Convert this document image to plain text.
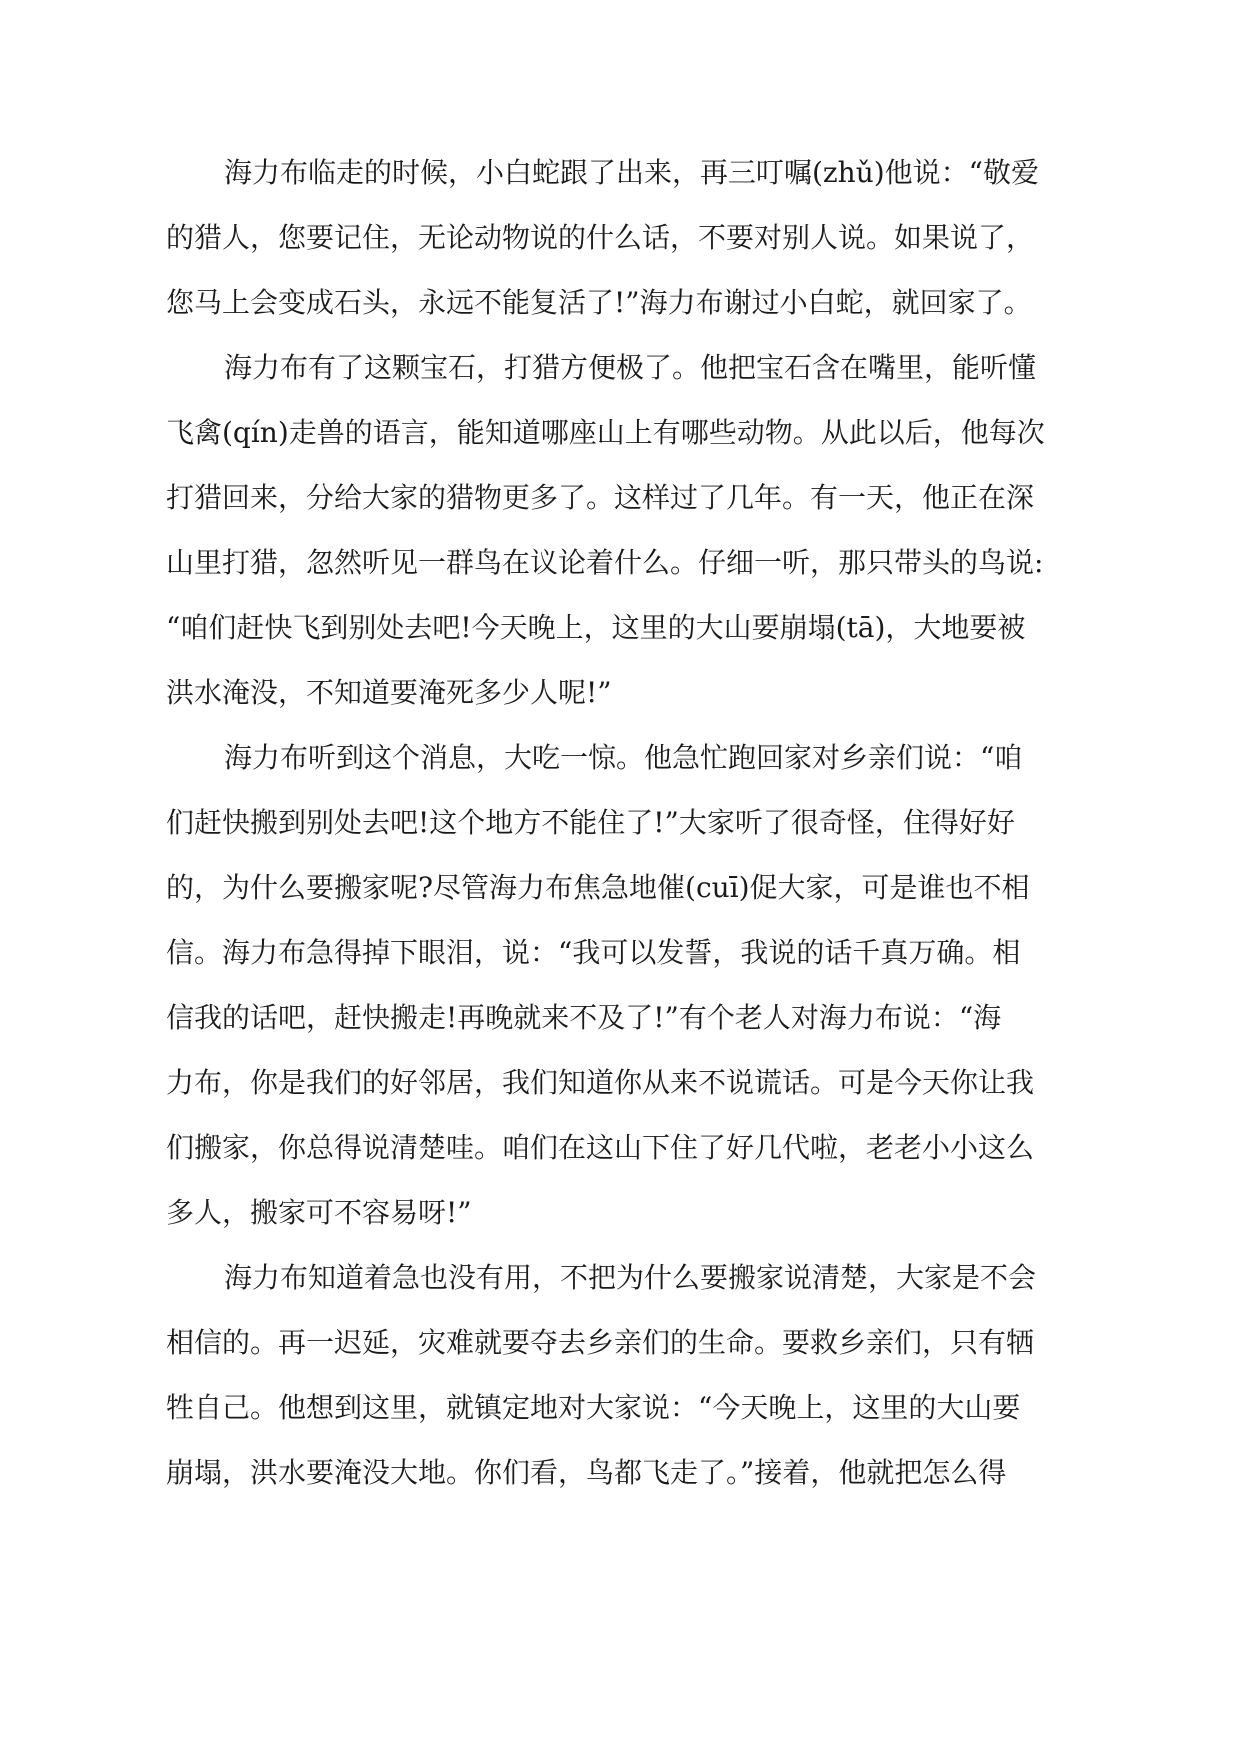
海力布临走的时候，小白蛇跟了出来，再三叮嘱(zhǔ)他说：“敬爱
的猎人，您要记住，无论动物说的什么话，不要对别人说。如果说了，
您马上会变成石头，永远不能复活了!”海力布谢过小白蛇，就回家了。
海力布有了这颗宝石，打猎方便极了。他把宝石含在嘴里，能听懂
飞禽(qín)走兽的语言，能知道哪座山上有哪些动物。从此以后，他每次
打猎回来，分给大家的猎物更多了。这样过了几年。有一天，他正在深
山里打猎，忽然听见一群鸟在议论着什么。仔细一听，那只带头的鸟说:
“咱们赶快飞到别处去吧!今天晚上，这里的大山要崩塌(tā)，大地要被
洪水淹没，不知道要淹死多少人呢!”
海力布听到这个消息，大吃一惊。他急忙跑回家对乡亲们说：“咱
们赶快搬到别处去吧!这个地方不能住了!”大家听了很奇怪，住得好好
的，为什么要搬家呢?尽管海力布焦急地催(cuī)促大家，可是谁也不相
信。海力布急得掉下眼泪，说：“我可以发誓，我说的话千真万确。相
信我的话吧，赶快搬走!再晚就来不及了!”有个老人对海力布说：“海
力布，你是我们的好邻居，我们知道你从来不说谎话。可是今天你让我
们搬家，你总得说清楚哇。咱们在这山下住了好几代啦，老老小小这么
多人，搬家可不容易呀!”
海力布知道着急也没有用，不把为什么要搬家说清楚，大家是不会
相信的。再一迟延，灾难就要夺去乡亲们的生命。要救乡亲们，只有牺
牲自己。他想到这里，就镇定地对大家说：“今天晚上，这里的大山要
崩塌，洪水要淹没大地。你们看，鸟都飞走了。”接着，他就把怎么得
